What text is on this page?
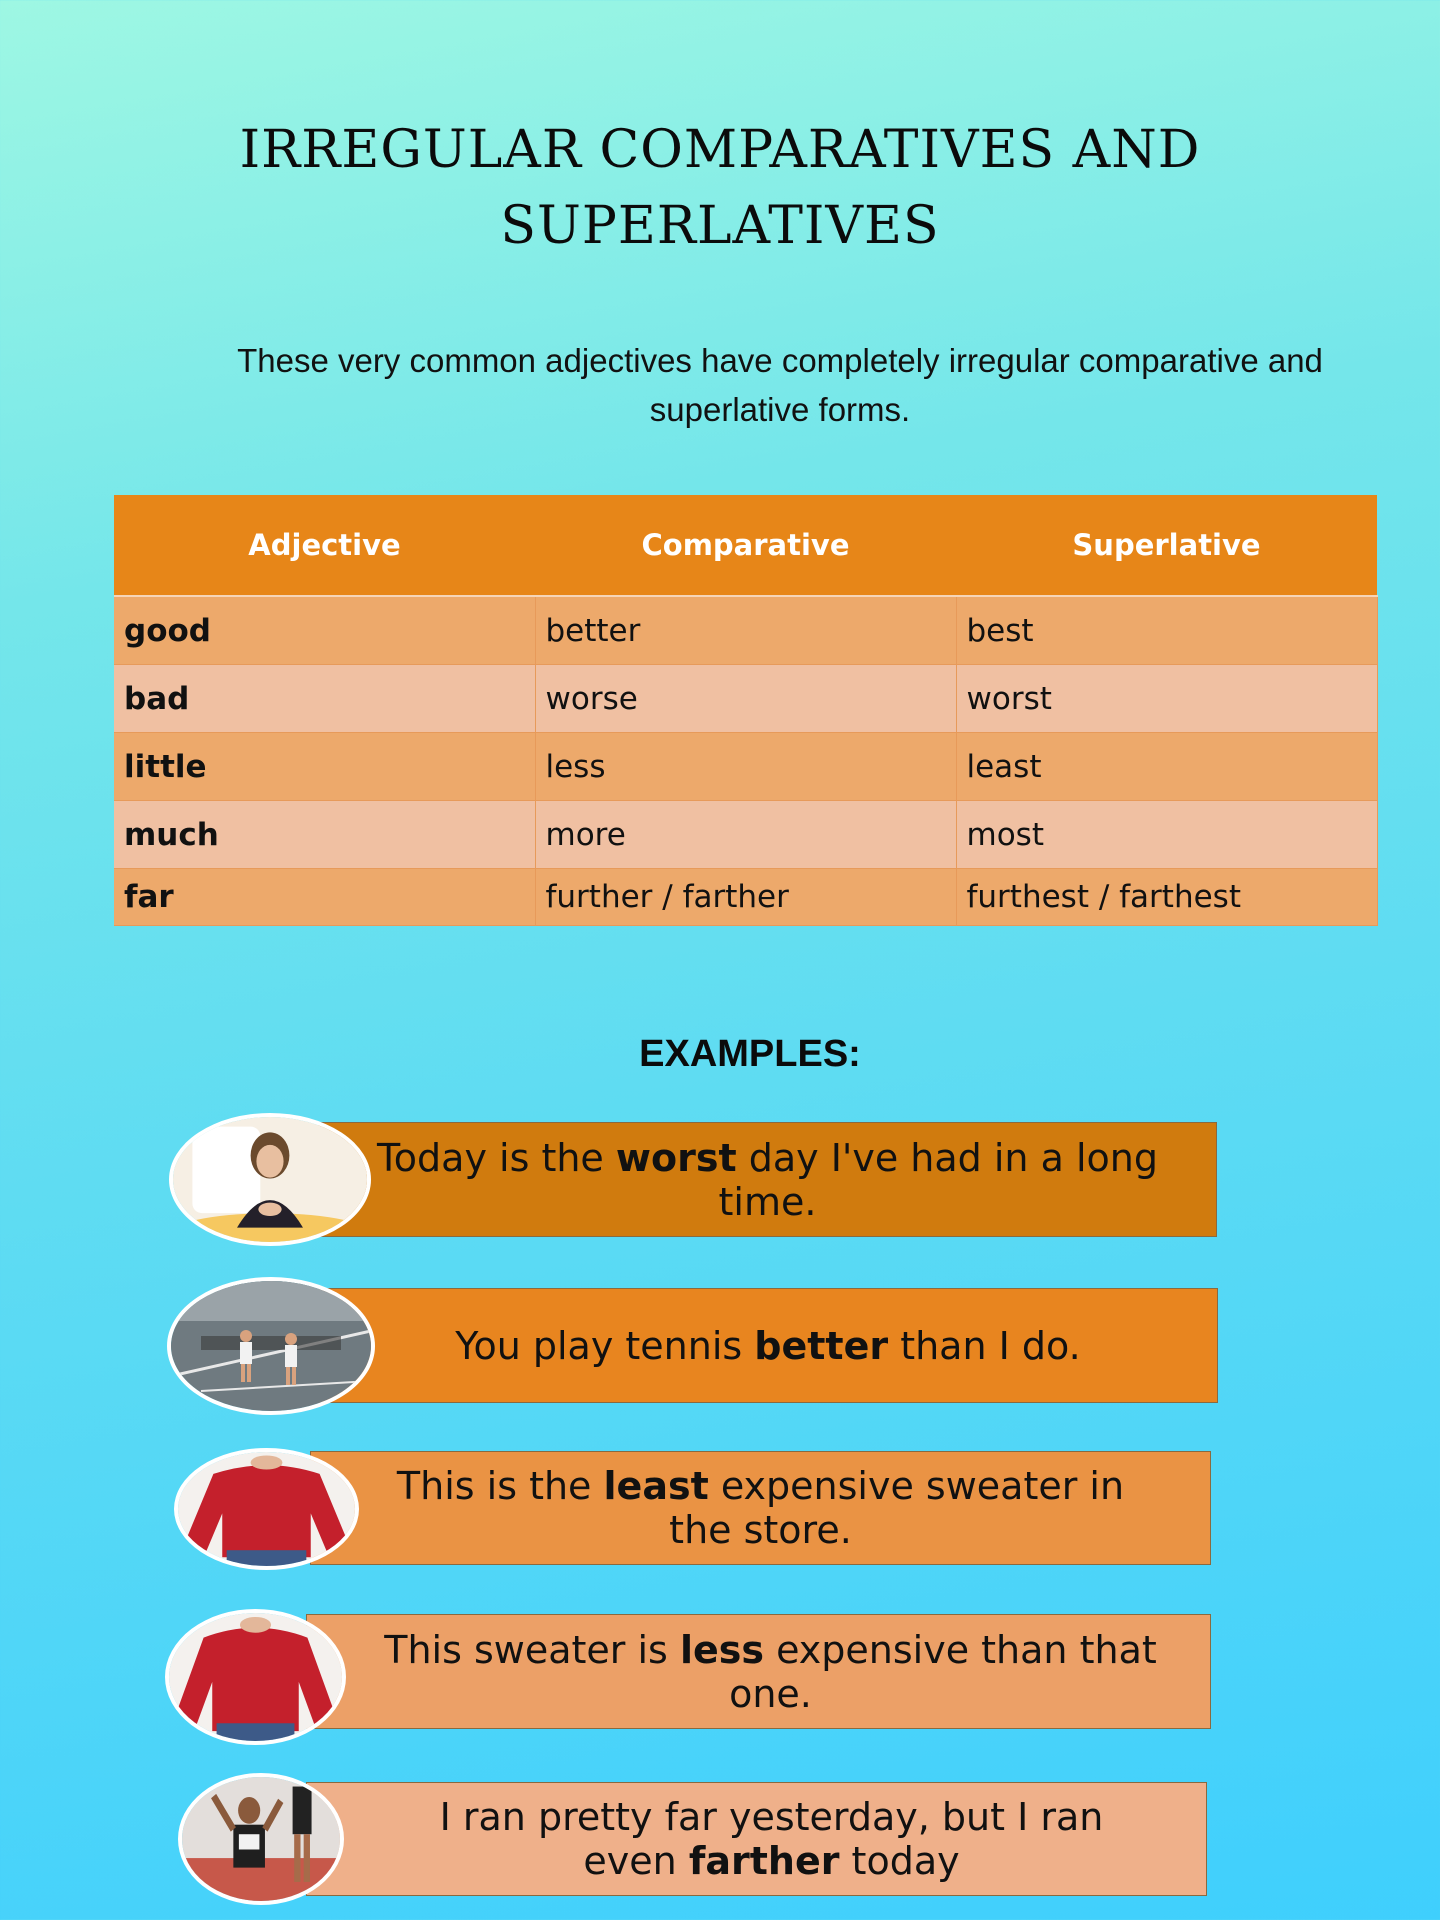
IRREGULAR COMPARATIVES AND
SUPERLATIVES

These very common adjectives have completely irregular comparative and superlative forms.

Adjective	Comparative	Superlative
good	better	best
bad	worse	worst
little	less	least
much	more	most
far	further / farther	furthest / farthest
EXAMPLES:
Today is the worst day I've had in a long time.
You play tennis better than I do.
This is the least expensive sweater in the store.
This sweater is less expensive than that one.
I ran pretty far yesterday, but I ran even farther today
